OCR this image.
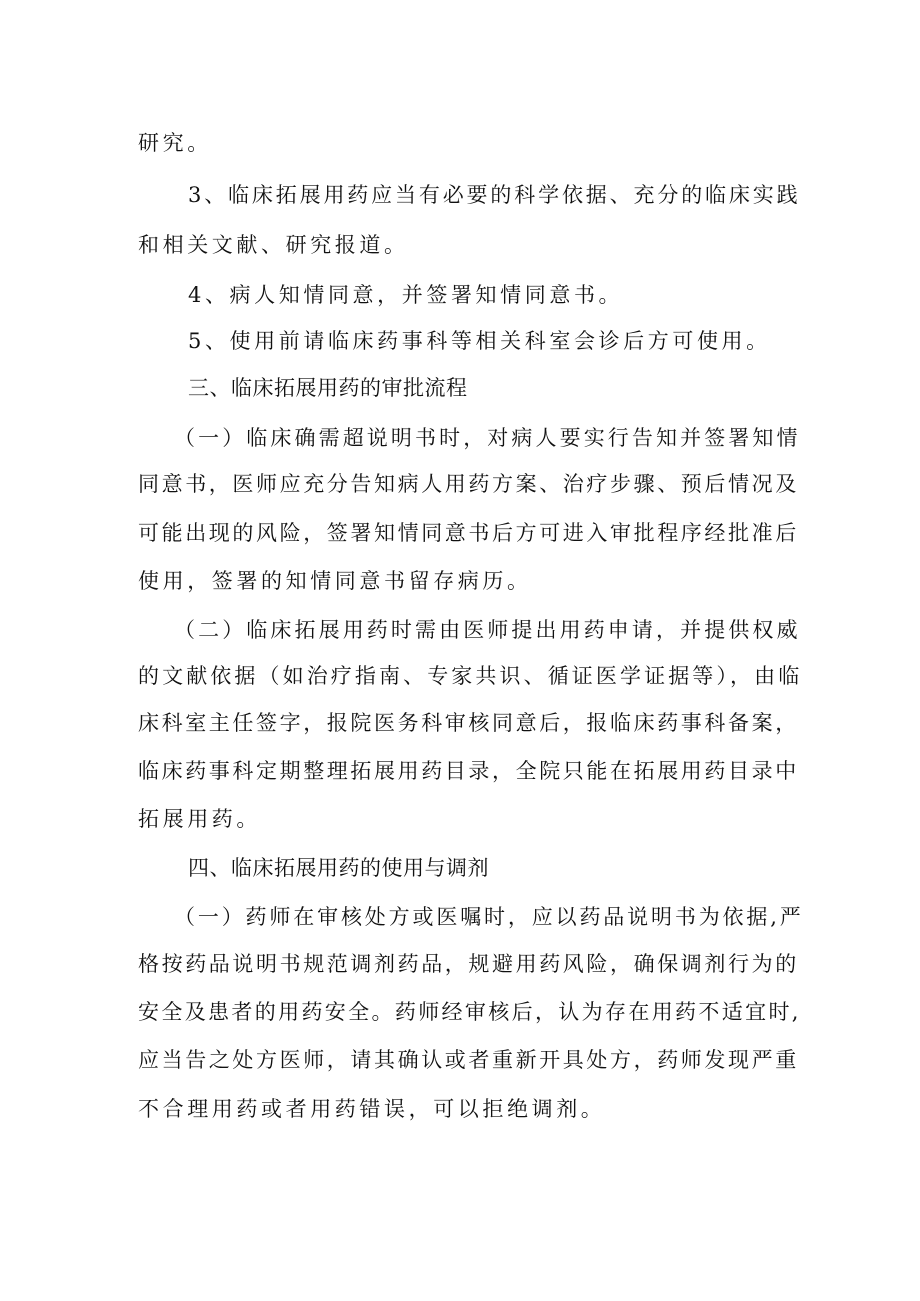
研究。
3、临床拓展用药应当有必要的科学依据、充分的临床实践
和相关文献、研究报道。
4、病人知情同意，并签署知情同意书。
5、使用前请临床药事科等相关科室会诊后方可使用。
三、临床拓展用药的审批流程
（一）临床确需超说明书时，对病人要实行告知并签署知情
同意书，医师应充分告知病人用药方案、治疗步骤、预后情况及
可能出现的风险，签署知情同意书后方可进入审批程序经批准后
使用，签署的知情同意书留存病历。
（二）临床拓展用药时需由医师提出用药申请，并提供权威
的文献依据（如治疗指南、专家共识、循证医学证据等），由临
床科室主任签字，报院医务科审核同意后，报临床药事科备案，
临床药事科定期整理拓展用药目录，全院只能在拓展用药目录中
拓展用药。
四、临床拓展用药的使用与调剂
（一）药师在审核处方或医嘱时，应以药品说明书为依据,严
格按药品说明书规范调剂药品，规避用药风险，确保调剂行为的
安全及患者的用药安全。药师经审核后，认为存在用药不适宜时,
应当告之处方医师，请其确认或者重新开具处方，药师发现严重
不合理用药或者用药错误，可以拒绝调剂。
